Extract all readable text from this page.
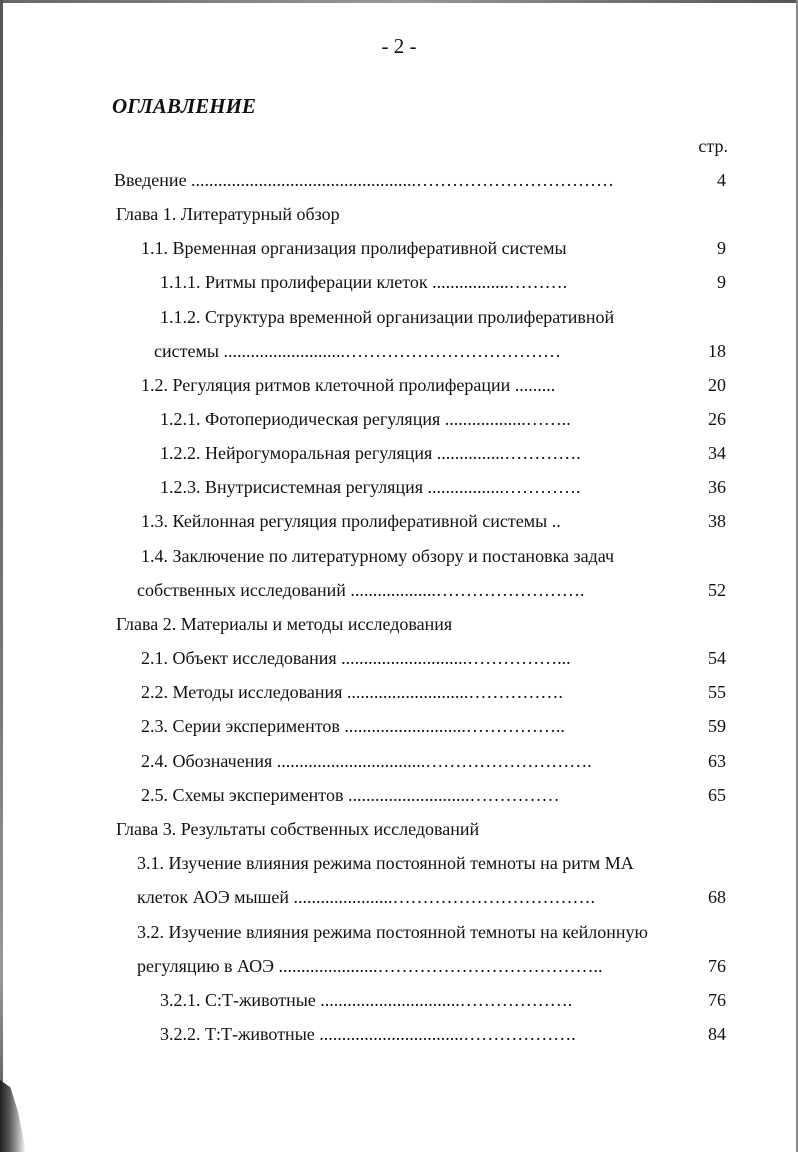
- 2 -
ОГЛАВЛЕНИЕ
стр.
Введение ..................................................……………………………	4
Глава 1. Литературный обзор
1.1. Временная организация пролиферативной системы	9
1.1.1. Ритмы пролиферации клеток .................……….	9
1.1.2. Структура временной организации пролиферативной
системы ...........................………………………………	18
1.2. Регуляция ритмов клеточной пролиферации .........	20
1.2.1. Фотопериодическая регуляция ..................……..	26
1.2.2. Нейрогуморальная регуляция ...............………….	34
1.2.3. Внутрисистемная регуляция .................………….	36
1.3. Кейлонная регуляция пролиферативной системы ..	38
1.4. Заключение по литературному обзору и постановка задач
собственных исследований ...................…………………….	52
Глава 2. Материалы и методы исследования
2.1. Объект исследования ............................……………...	54
2.2. Методы исследования ...........................…………….	55
2.3. Серии экспериментов ...........................……………..	59
2.4. Обозначения .................................……………………….	63
2.5. Схемы экспериментов ...........................……………	65
Глава 3. Результаты собственных исследований
3.1. Изучение влияния режима постоянной темноты на ритм МА
клеток АОЭ мышей ......................…………………………….	68
3.2. Изучение влияния режима постоянной темноты на кейлонную
регуляцию в АОЭ ......................………………………………..	76
3.2.1. С:Т-животные ...............................……………….	76
3.2.2. Т:Т-животные ................................……………….	84
